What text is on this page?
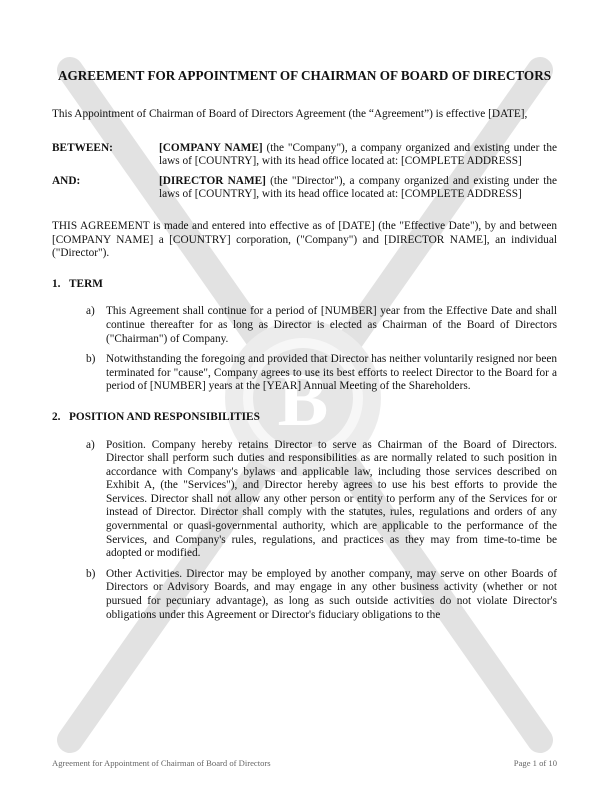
B
AGREEMENT FOR APPOINTMENT OF CHAIRMAN OF BOARD OF DIRECTORS

This Appointment of Chairman of Board of Directors Agreement (the “Agreement”) is effective [DATE],

BETWEEN:	[COMPANY NAME] (the "Company"), a company organized and existing under the laws of [COUNTRY], with its head office located at: [COMPLETE ADDRESS]
AND:	[DIRECTOR NAME] (the "Director"), a company organized and existing under the laws of [COUNTRY], with its head office located at: [COMPLETE ADDRESS]

THIS AGREEMENT is made and entered into effective as of [DATE] (the "Effective Date"), by and between [COMPANY NAME] a [COUNTRY] corporation, ("Company") and [DIRECTOR NAME], an individual ("Director").

1. TERM
a) This Agreement shall continue for a period of [NUMBER] year from the Effective Date and shall continue thereafter for as long as Director is elected as Chairman of the Board of Directors ("Chairman") of Company.
b) Notwithstanding the foregoing and provided that Director has neither voluntarily resigned nor been terminated for "cause", Company agrees to use its best efforts to reelect Director to the Board for a period of [NUMBER] years at the [YEAR] Annual Meeting of the Shareholders.
2. POSITION AND RESPONSIBILITIES
a) Position. Company hereby retains Director to serve as Chairman of the Board of Directors. Director shall perform such duties and responsibilities as are normally related to such position in accordance with Company's bylaws and applicable law, including those services described on Exhibit A, (the "Services"), and Director hereby agrees to use his best efforts to provide the Services. Director shall not allow any other person or entity to perform any of the Services for or instead of Director. Director shall comply with the statutes, rules, regulations and orders of any governmental or quasi-governmental authority, which are applicable to the performance of the Services, and Company's rules, regulations, and practices as they may from time-to-time be adopted or modified.
b) Other Activities. Director may be employed by another company, may serve on other Boards of Directors or Advisory Boards, and may engage in any other business activity (whether or not pursued for pecuniary advantage), as long as such outside activities do not violate Director's obligations under this Agreement or Director's fiduciary obligations to the
Agreement for Appointment of Chairman of Board of Directors	Page 1 of 10
